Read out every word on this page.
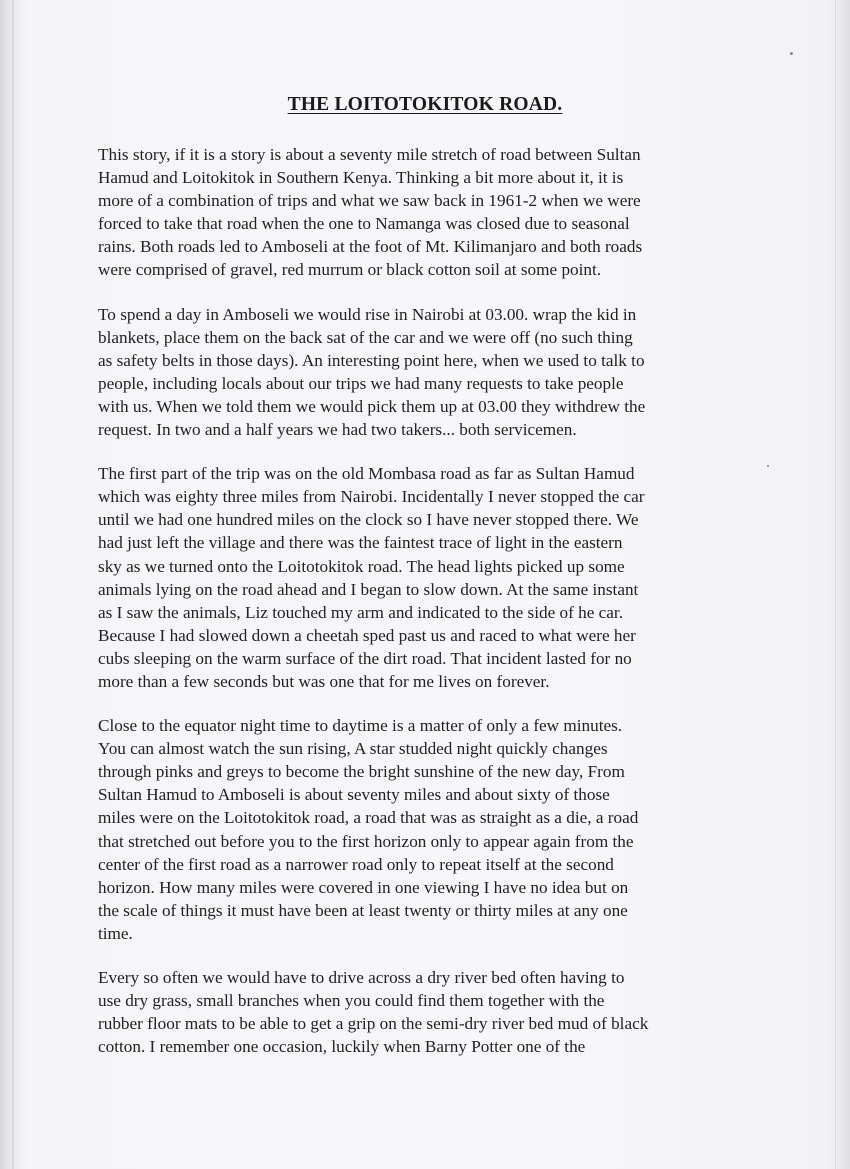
THE LOITOTOKITOK ROAD.

This story, if it is a story is about a seventy mile stretch of road between Sultan
Hamud and Loitokitok in Southern Kenya. Thinking a bit more about it, it is
more of a combination of trips and what we saw back in 1961-2 when we were
forced to take that road when the one to Namanga was closed due to seasonal
rains. Both roads led to Amboseli at the foot of Mt. Kilimanjaro and both roads
were comprised of gravel, red murrum or black cotton soil at some point.

To spend a day in Amboseli we would rise in Nairobi at 03.00. wrap the kid in
blankets, place them on the back sat of the car and we were off (no such thing
as safety belts in those days). An interesting point here, when we used to talk to
people, including locals about our trips we had many requests to take people
with us. When we told them we would pick them up at 03.00 they withdrew the
request. In two and a half years we had two takers... both servicemen.

The first part of the trip was on the old Mombasa road as far as Sultan Hamud
which was eighty three miles from Nairobi. Incidentally I never stopped the car
until we had one hundred miles on the clock so I have never stopped there. We
had just left the village and there was the faintest trace of light in the eastern
sky as we turned onto the Loitotokitok road. The head lights picked up some
animals lying on the road ahead and I began to slow down. At the same instant
as I saw the animals, Liz touched my arm and indicated to the side of he car.
Because I had slowed down a cheetah sped past us and raced to what were her
cubs sleeping on the warm surface of the dirt road. That incident lasted for no
more than a few seconds but was one that for me lives on forever.

Close to the equator night time to daytime is a matter of only a few minutes.
You can almost watch the sun rising, A star studded night quickly changes
through pinks and greys to become the bright sunshine of the new day, From
Sultan Hamud to Amboseli is about seventy miles and about sixty of those
miles were on the Loitotokitok road, a road that was as straight as a die, a road
that stretched out before you to the first horizon only to appear again from the
center of the first road as a narrower road only to repeat itself at the second
horizon. How many miles were covered in one viewing I have no idea but on
the scale of things it must have been at least twenty or thirty miles at any one
time.

Every so often we would have to drive across a dry river bed often having to
use dry grass, small branches when you could find them together with the
rubber floor mats to be able to get a grip on the semi-dry river bed mud of black
cotton. I remember one occasion, luckily when Barny Potter one of the
